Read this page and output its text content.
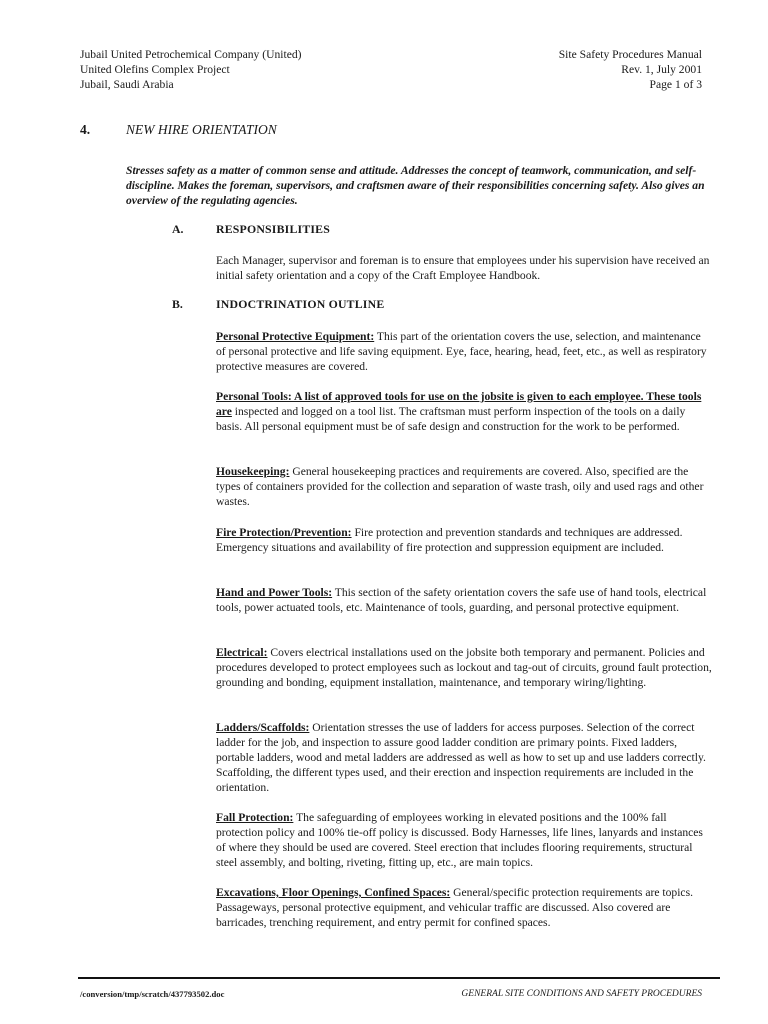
Jubail United Petrochemical Company (United)
United Olefins Complex Project
Jubail, Saudi Arabia
Site Safety Procedures Manual
Rev. 1, July 2001
Page 1 of 3
4.	NEW HIRE ORIENTATION
Stresses safety as a matter of common sense and attitude. Addresses the concept of teamwork, communication, and self-discipline. Makes the foreman, supervisors, and craftsmen aware of their responsibilities concerning safety. Also gives an overview of the regulating agencies.
A.	RESPONSIBILITIES
Each Manager, supervisor and foreman is to ensure that employees under his supervision have received an initial safety orientation and a copy of the Craft Employee Handbook.
B.	INDOCTRINATION OUTLINE
Personal Protective Equipment: This part of the orientation covers the use, selection, and maintenance of personal protective and life saving equipment. Eye, face, hearing, head, feet, etc., as well as respiratory protective measures are covered.
Personal Tools: A list of approved tools for use on the jobsite is given to each employee. These tools are inspected and logged on a tool list. The craftsman must perform inspection of the tools on a daily basis. All personal equipment must be of safe design and construction for the work to be performed.
Housekeeping: General housekeeping practices and requirements are covered. Also, specified are the types of containers provided for the collection and separation of waste trash, oily and used rags and other wastes.
Fire Protection/Prevention: Fire protection and prevention standards and techniques are addressed. Emergency situations and availability of fire protection and suppression equipment are included.
Hand and Power Tools: This section of the safety orientation covers the safe use of hand tools, electrical tools, power actuated tools, etc. Maintenance of tools, guarding, and personal protective equipment.
Electrical: Covers electrical installations used on the jobsite both temporary and permanent. Policies and procedures developed to protect employees such as lockout and tag-out of circuits, ground fault protection, grounding and bonding, equipment installation, maintenance, and temporary wiring/lighting.
Ladders/Scaffolds: Orientation stresses the use of ladders for access purposes. Selection of the correct ladder for the job, and inspection to assure good ladder condition are primary points. Fixed ladders, portable ladders, wood and metal ladders are addressed as well as how to set up and use ladders correctly. Scaffolding, the different types used, and their erection and inspection requirements are included in the orientation.
Fall Protection: The safeguarding of employees working in elevated positions and the 100% fall protection policy and 100% tie-off policy is discussed. Body Harnesses, life lines, lanyards and instances of where they should be used are covered. Steel erection that includes flooring requirements, structural steel assembly, and bolting, riveting, fitting up, etc., are main topics.
Excavations, Floor Openings, Confined Spaces: General/specific protection requirements are topics. Passageways, personal protective equipment, and vehicular traffic are discussed. Also covered are barricades, trenching requirement, and entry permit for confined spaces.
/conversion/tmp/scratch/437793502.doc	GENERAL SITE CONDITIONS AND SAFETY PROCEDURES
